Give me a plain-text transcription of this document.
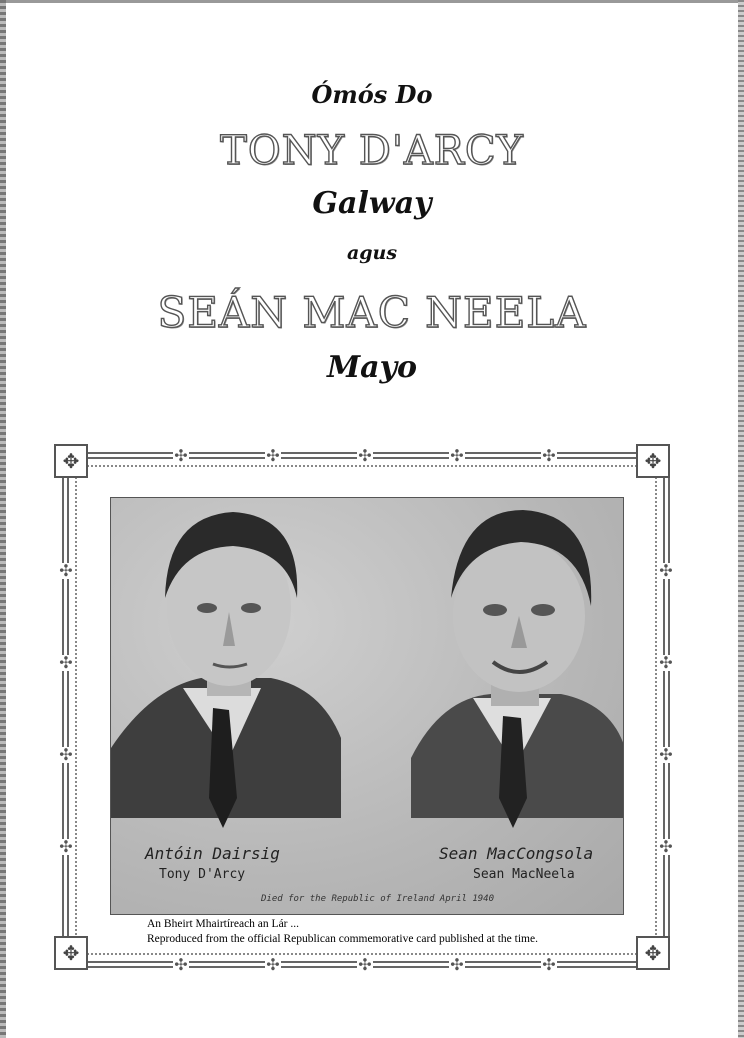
Ómós Do
TONY D'ARCY
Galway
agus
SEÁN MAC NEELA
Mayo
✥	✥
✥	✥
✣	✣	✣	✣	✣
✣	✣	✣	✣	✣
✣
✣
✣
✣
✣
✣
✣
✣
Antóin Dairsig
Tony D'Arcy
Sean MacCongsola
Sean MacNeela
Died for the Republic of Ireland April 1940
An Bheirt Mhairtíreach an Lár ...
Reproduced from the official Republican commemorative card published at the time.
